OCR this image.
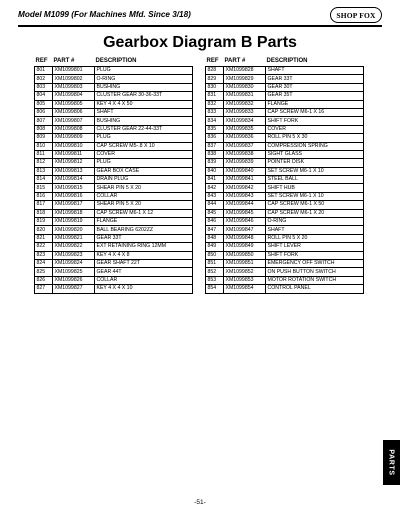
Model M1099 (For Machines Mfd. Since 3/18)	SHOP FOX
Gearbox Diagram B Parts
REF	PART #	DESCRIPTION
801	XM1099801	PLUG
802	XM1099802	O-RING
803	XM1099803	BUSHING
804	XM1099804	CLUSTER GEAR 30-36-33T
805	XM1099805	KEY 4 X 4 X 50
806	XM1099806	SHAFT
807	XM1099807	BUSHING
808	XM1099808	CLUSTER GEAR 22-44-33T
809	XM1099809	PLUG
810	XM1099810	CAP SCREW M5-.8 X 10
811	XM1099811	COVER
812	XM1099812	PLUG
813	XM1099813	GEAR BOX CASE
814	XM1099814	DRAIN PLUG
815	XM1099815	SHEAR PIN 5 X 20
816	XM1099816	COLLAR
817	XM1099817	SHEAR PIN 5 X 20
818	XM1099818	CAP SCREW M6-1 X 12
819	XM1099819	FLANGE
820	XM1099820	BALL BEARING 6202ZZ
821	XM1099821	GEAR 33T
822	XM1099822	EXT RETAINING RING 12MM
823	XM1099823	KEY 4 X 4 X 8
824	XM1099824	GEAR SHAFT 22T
825	XM1099825	GEAR 44T
826	XM1099826	COLLAR
827	XM1099827	KEY 4 X 4 X 10
REF	PART #	DESCRIPTION
828	XM1099828	SHAFT
829	XM1099829	GEAR 33T
830	XM1099830	GEAR 30T
831	XM1099831	GEAR 35T
832	XM1099832	FLANGE
833	XM1099833	CAP SCREW M6-1 X 16
834	XM1099834	SHIFT FORK
835	XM1099835	COVER
836	XM1099836	ROLL PIN 5 X 30
837	XM1099837	COMPRESSION SPRING
838	XM1099838	SIGHT GLASS
839	XM1099839	POINTER DISK
840	XM1099840	SET SCREW M6-1 X 10
841	XM1099841	STEEL BALL
842	XM1099842	SHIFT HUB
843	XM1099843	SET SCREW M6-1 X 10
844	XM1099844	CAP SCREW M6-1 X 50
845	XM1099845	CAP SCREW M6-1 X 20
846	XM1099846	O-RING
847	XM1099847	SHAFT
848	XM1099848	ROLL PIN 5 X 20
849	XM1099849	SHIFT LEVER
850	XM1099850	SHIFT FORK
851	XM1099851	EMERGENCY OFF SWITCH
852	XM1099852	ON PUSH BUTTON SWITCH
853	XM1099853	MOTOR ROTATION SWITCH
854	XM1099854	CONTROL PANEL
PARTS
-51-
